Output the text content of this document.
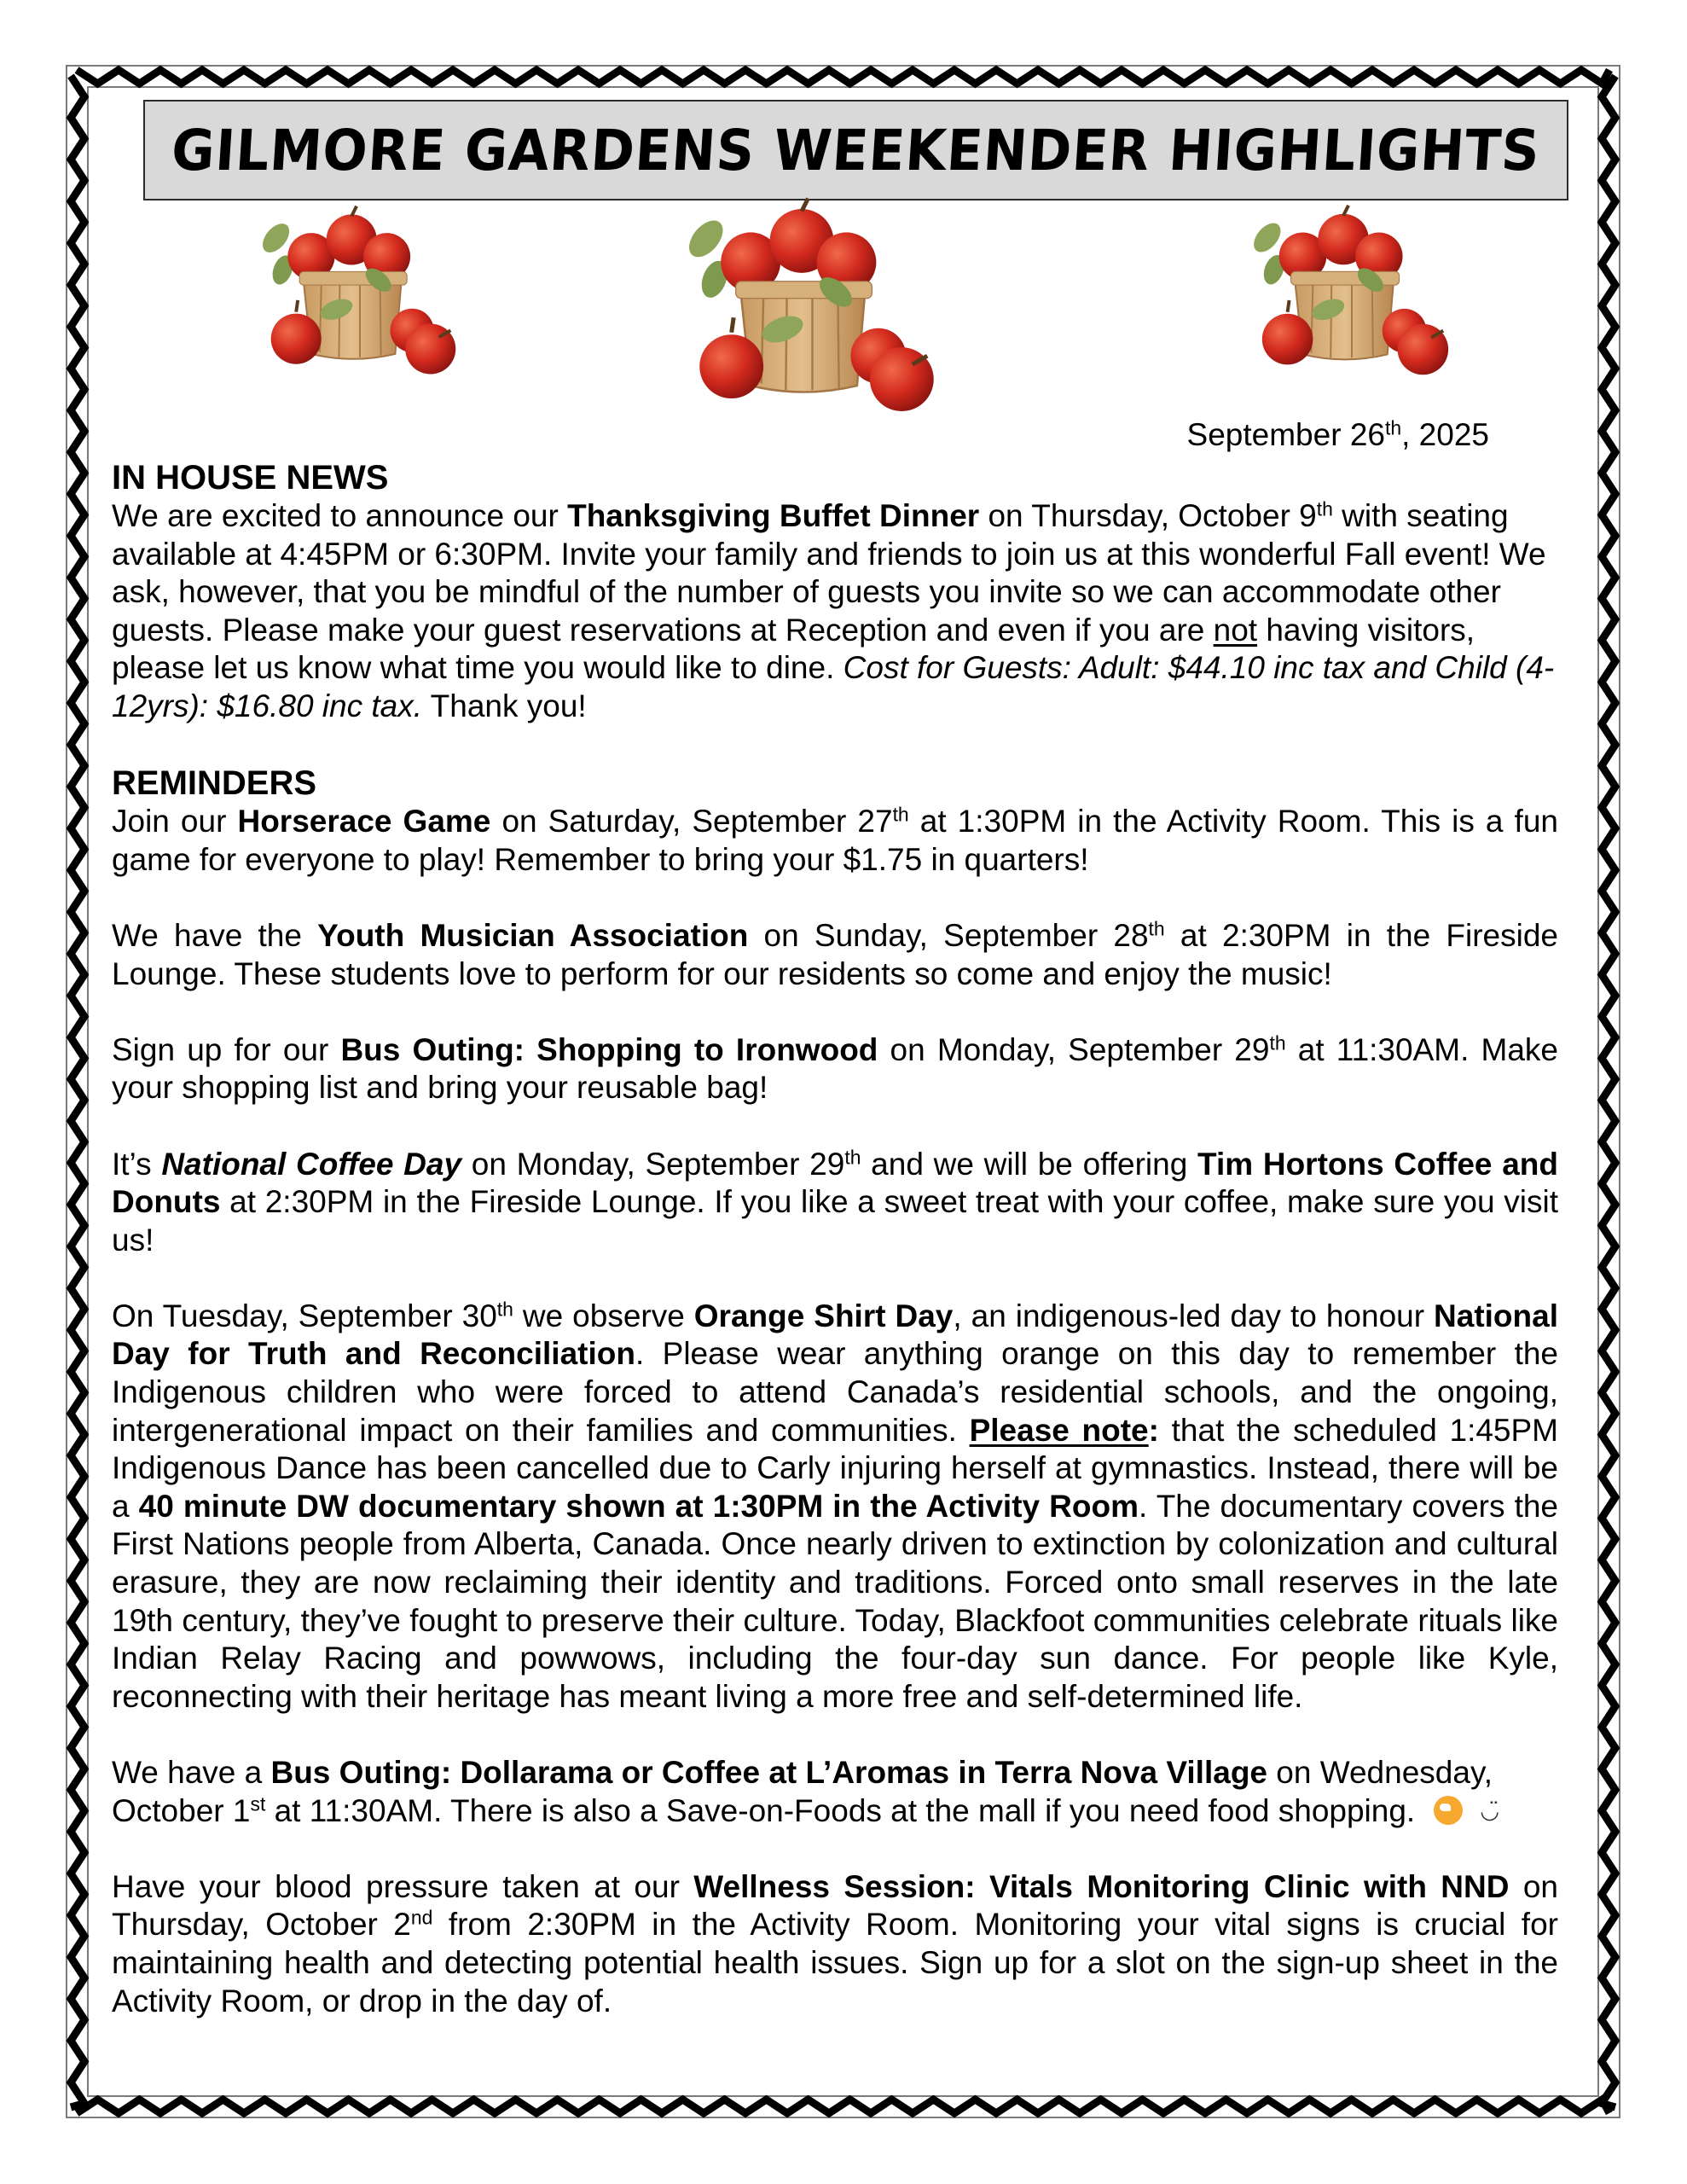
GILMORE GARDENS WEEKENDER HIGHLIGHTS
September 26th, 2025
IN HOUSE NEWS

We are excited to announce our Thanksgiving Buffet Dinner on Thursday, October 9th with seating available at 4:45PM or 6:30PM. Invite your family and friends to join us at this wonderful Fall event! We ask, however, that you be mindful of the number of guests you invite so we can accommodate other guests. Please make your guest reservations at Reception and even if you are not having visitors, please let us know what time you would like to dine. Cost for Guests: Adult: $44.10 inc tax and Child (4-12yrs): $16.80 inc tax. Thank you!

REMINDERS

Join our Horserace Game on Saturday, September 27th at 1:30PM in the Activity Room. This is a fun game for everyone to play! Remember to bring your $1.75 in quarters!

We have the Youth Musician Association on Sunday, September 28th at 2:30PM in the Fireside Lounge. These students love to perform for our residents so come and enjoy the music!

Sign up for our Bus Outing: Shopping to Ironwood on Monday, September 29th at 11:30AM. Make your shopping list and bring your reusable bag!

It’s National Coffee Day on Monday, September 29th and we will be offering Tim Hortons Coffee and Donuts at 2:30PM in the Fireside Lounge. If you like a sweet treat with your coffee, make sure you visit us!

On Tuesday, September 30th we observe Orange Shirt Day, an indigenous-led day to honour National Day for Truth and Reconciliation. Please wear anything orange on this day to remember the Indigenous children who were forced to attend Canada’s residential schools, and the ongoing, intergenerational impact on their families and communities. Please note: that the scheduled 1:45PM Indigenous Dance has been cancelled due to Carly injuring herself at gymnastics. Instead, there will be a 40 minute DW documentary shown at 1:30PM in the Activity Room. The documentary covers the First Nations people from Alberta, Canada. Once nearly driven to extinction by colonization and cultural erasure, they are now reclaiming their identity and traditions. Forced onto small reserves in the late 19th century, they’ve fought to preserve their culture. Today, Blackfoot communities celebrate rituals like Indian Relay Racing and powwows, including the four-day sun dance. For people like Kyle, reconnecting with their heritage has meant living a more free and self-determined life.

We have a Bus Outing: Dollarama or Coffee at L’Aromas in Terra Nova Village on Wednesday, October 1st at 11:30AM. There is also a Save-on-Foods at the mall if you need food shopping.	◡̈

Have your blood pressure taken at our Wellness Session: Vitals Monitoring Clinic with NND on Thursday, October 2nd from 2:30PM in the Activity Room. Monitoring your vital signs is crucial for maintaining health and detecting potential health issues. Sign up for a slot on the sign-up sheet in the Activity Room, or drop in the day of.
